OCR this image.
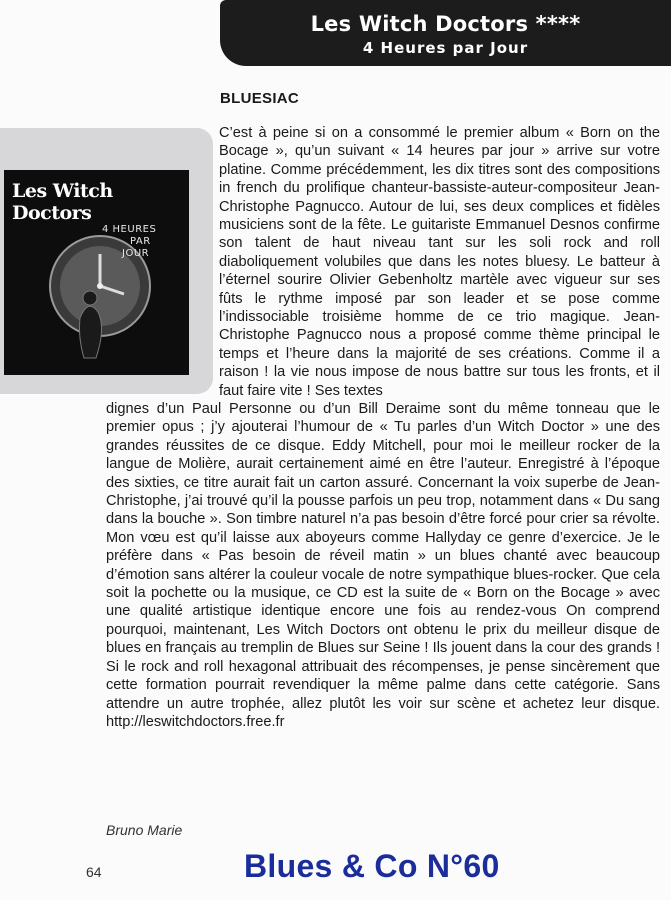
Les Witch Doctors ****
4 Heures par Jour
BLUESIAC
Les Witch Doctors
4 HEURES
PAR
JOUR
C’est à peine si on a consommé le premier album « Born on the Bocage », qu’un suivant « 14 heures par jour » arrive sur votre platine. Comme précédemment, les dix titres sont des compositions in french du prolifique chanteur-bassiste-auteur-compositeur Jean-Christophe Pagnucco. Autour de lui, ses deux complices et fidèles musiciens sont de la fête. Le guitariste Emmanuel Desnos confirme son talent de haut niveau tant sur les soli rock and roll diaboliquement volubiles que dans les notes bluesy. Le batteur à l’éternel sourire Olivier Gebenholtz martèle avec vigueur sur ses fûts le rythme imposé par son leader et se pose comme l’indissociable troisième homme de ce trio magique. Jean-Christophe Pagnucco nous a proposé comme thème principal le temps et l’heure dans la majorité de ses créations. Comme il a raison ! la vie nous impose de nous battre sur tous les fronts, et il faut faire vite ! Ses textes
dignes d’un Paul Personne ou d’un Bill Deraime sont du même tonneau que le premier opus ; j’y ajouterai l’humour de « Tu parles d’un Witch Doctor » une des grandes réussites de ce disque. Eddy Mitchell, pour moi le meilleur rocker de la langue de Molière, aurait certainement aimé en être l’auteur. Enregistré à l’époque des sixties, ce titre aurait fait un carton assuré. Concernant la voix superbe de Jean-Christophe, j’ai trouvé qu’il la pousse parfois un peu trop, notamment dans « Du sang dans la bouche ». Son timbre naturel n’a pas besoin d’être forcé pour crier sa révolte. Mon vœu est qu’il laisse aux aboyeurs comme Hallyday ce genre d’exercice. Je le préfère dans « Pas besoin de réveil matin » un blues chanté avec beaucoup d’émotion sans altérer la couleur vocale de notre sympathique blues-rocker. Que cela soit la pochette ou la musique, ce CD est la suite de « Born on the Bocage » avec une qualité artistique identique encore une fois au rendez-vous On comprend pourquoi, maintenant, Les Witch Doctors ont obtenu le prix du meilleur disque de blues en français au tremplin de Blues sur Seine ! Ils jouent dans la cour des grands ! Si le rock and roll hexagonal attribuait des récompenses, je pense sincèrement que cette formation pourrait revendiquer la même palme dans cette catégorie. Sans attendre un autre trophée, allez plutôt les voir sur scène et achetez leur disque. http://leswitchdoctors.free.fr
Bruno Marie
64	Blues & Co N°60
